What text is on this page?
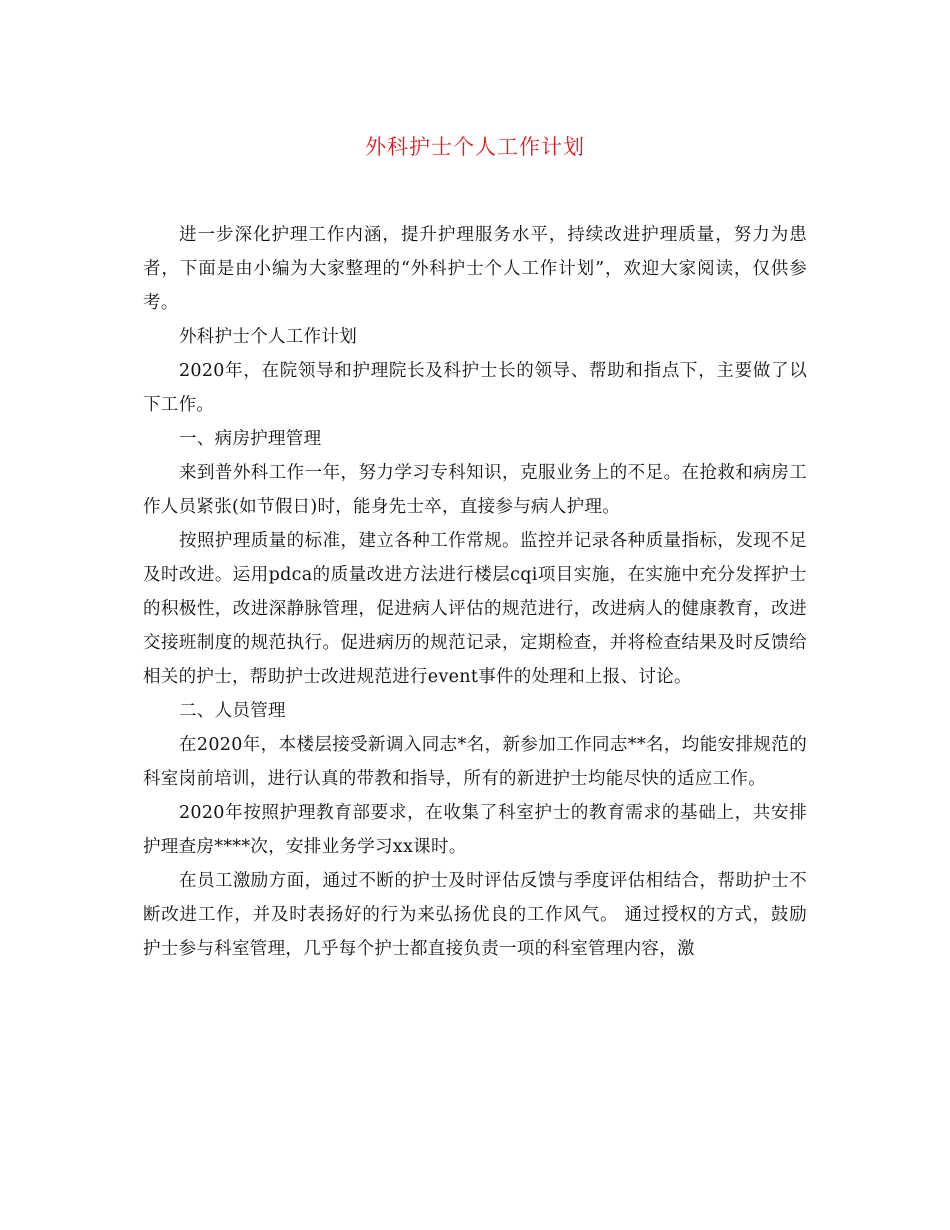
外科护士个人工作计划

进一步深化护理工作内涵，提升护理服务水平，持续改进护理质量，努力为患者，下面是由小编为大家整理的“外科护士个人工作计划”，欢迎大家阅读，仅供参考。

外科护士个人工作计划

2020年，在院领导和护理院长及科护士长的领导、帮助和指点下，主要做了以下工作。

一、病房护理管理

来到普外科工作一年，努力学习专科知识，克服业务上的不足。在抢救和病房工作人员紧张(如节假日)时，能身先士卒，直接参与病人护理。

按照护理质量的标准，建立各种工作常规。监控并记录各种质量指标，发现不足及时改进。运用pdca的质量改进方法进行楼层cqi项目实施，在实施中充分发挥护士的积极性，改进深静脉管理，促进病人评估的规范进行，改进病人的健康教育，改进交接班制度的规范执行。促进病历的规范记录，定期检查，并将检查结果及时反馈给相关的护士，帮助护士改进规范进行event事件的处理和上报、讨论。

二、人员管理

在2020年，本楼层接受新调入同志*名，新参加工作同志**名，均能安排规范的科室岗前培训，进行认真的带教和指导，所有的新进护士均能尽快的适应工作。

2020年按照护理教育部要求，在收集了科室护士的教育需求的基础上，共安排护理查房****次，安排业务学习xx课时。

在员工激励方面，通过不断的护士及时评估反馈与季度评估相结合，帮助护士不断改进工作，并及时表扬好的行为来弘扬优良的工作风气。 通过授权的方式，鼓励护士参与科室管理，几乎每个护士都直接负责一项的科室管理内容，激
